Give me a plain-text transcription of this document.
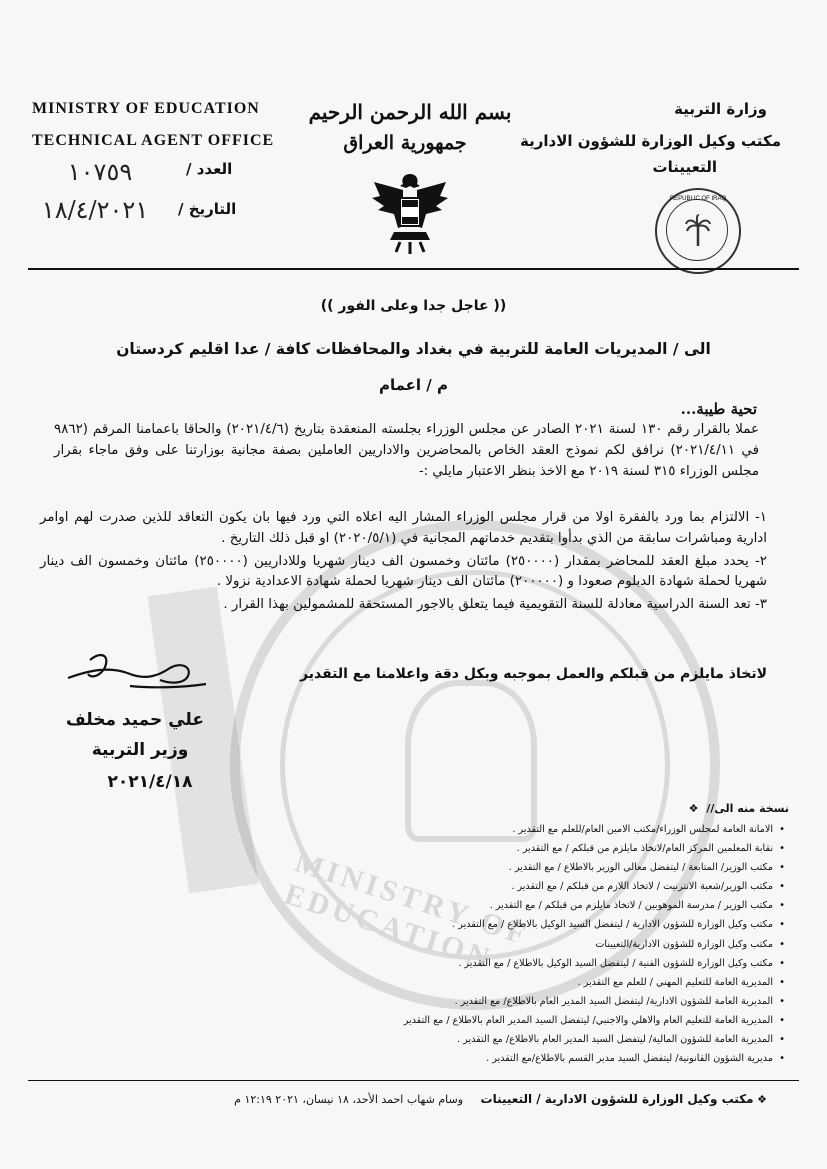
MINISTRY OF EDUCATION
MINISTRY OF EDUCATION
TECHNICAL AGENT OFFICE
العدد /
١٠٧٥٩
التاريخ /
١٨/٤/٢٠٢١
بسم الله الرحمن الرحيم
جمهورية العراق
وزارة التربية
مكتب وكيل الوزارة للشؤون الادارية
التعيينات
REPUBLIC OF IRAQ
(( عاجل جدا وعلى الفور ))
الى / المديريات العامة للتربية في بغداد والمحافظات كافة / عدا اقليم كردستان
م / اعمام
تحية طيبة...
عملا بالقرار رقم ١٣٠ لسنة ٢٠٢١ الصادر عن مجلس الوزراء بجلسته المنعقدة بتاريخ (٢٠٢١/٤/٦) والحاقا باعمامنا المرقم (٩٨٦٢ في ٢٠٢١/٤/١١) نرافق لكم نموذج العقد الخاص بالمحاضرين والاداريين العاملين بصفة مجانية بوزارتنا على وفق ماجاء بقرار مجلس الوزراء ٣١٥ لسنة ٢٠١٩ مع الاخذ بنظر الاعتبار مايلي :-
١- الالتزام بما ورد بالفقرة اولا من قرار مجلس الوزراء المشار اليه اعلاه التي ورد فيها بان يكون التعاقد للذين صدرت لهم اوامر ادارية ومباشرات سابقة من الذي بدأوا بتقديم خدماتهم المجانية في (٢٠٢٠/٥/١) او قبل ذلك التاريخ .
٢- يحدد مبلغ العقد للمحاضر بمقدار (٢٥٠٠٠٠) مائتان وخمسون الف دينار شهريا وللاداريين (٢٥٠٠٠٠) مائتان وخمسون الف دينار شهريا لحملة شهادة الدبلوم صعودا و (٢٠٠٠٠٠) مائتان الف دينار شهريا لحملة شهادة الاعدادية نزولا .
٣- تعد السنة الدراسية معادلة للسنة التقويمية فيما يتعلق بالاجور المستحقة للمشمولين بهذا القرار .
لاتخاذ مايلزم من قبلكم والعمل بموجبه وبكل دقة واعلامنا مع التقدير
علي حميد مخلف
وزير التربية
٢٠٢١/٤/١٨
نسخة منه الى// ❖
• الامانة العامة لمجلس الوزراء/مكتب الامين العام/للعلم مع التقدير .
• نقابة المعلمين المركز العام/لاتخاذ مايلزم من قبلكم / مع التقدير .
• مكتب الوزير/ المتابعة / ليتفضل معالي الوزير بالاطلاع / مع التقدير .
• مكتب الوزير/شعبة الانترنيت / لاتخاذ اللازم من قبلكم / مع التقدير .
• مكتب الوزير / مدرسة الموهوبين / لاتخاذ مايلزم من قبلكم / مع التقدير .
• مكتب وكيل الوزارة للشؤون الادارية / ليتفضل السيد الوكيل بالاطلاع / مع التقدير .
• مكتب وكيل الوزارة للشؤون الادارية/التعيينات
• مكتب وكيل الوزارة للشؤون الفنية / ليتفضل السيد الوكيل بالاطلاع / مع التقدير .
• المديرية العامة للتعليم المهني / للعلم مع التقدير .
• المديرية العامة للشؤون الادارية/ ليتفضل السيد المدير العام بالاطلاع/ مع التقدير .
• المديرية العامة للتعليم العام والاهلي والاجنبي/ ليتفضل السيد المدير العام بالاطلاع / مع التقدير
• المديرية العامة للشؤون المالية/ ليتفضل السيد المدير العام بالاطلاع/ مع التقدير .
• مديرية الشؤون القانونية/ ليتفضل السيد مدير القسم بالاطلاع/مع التقدير .
❖ مكتب وكيل الوزارة للشؤون الادارية / التعيينات وسام شهاب احمد الأحد، ١٨ نيسان، ٢٠٢١ ١٢:١٩ م
